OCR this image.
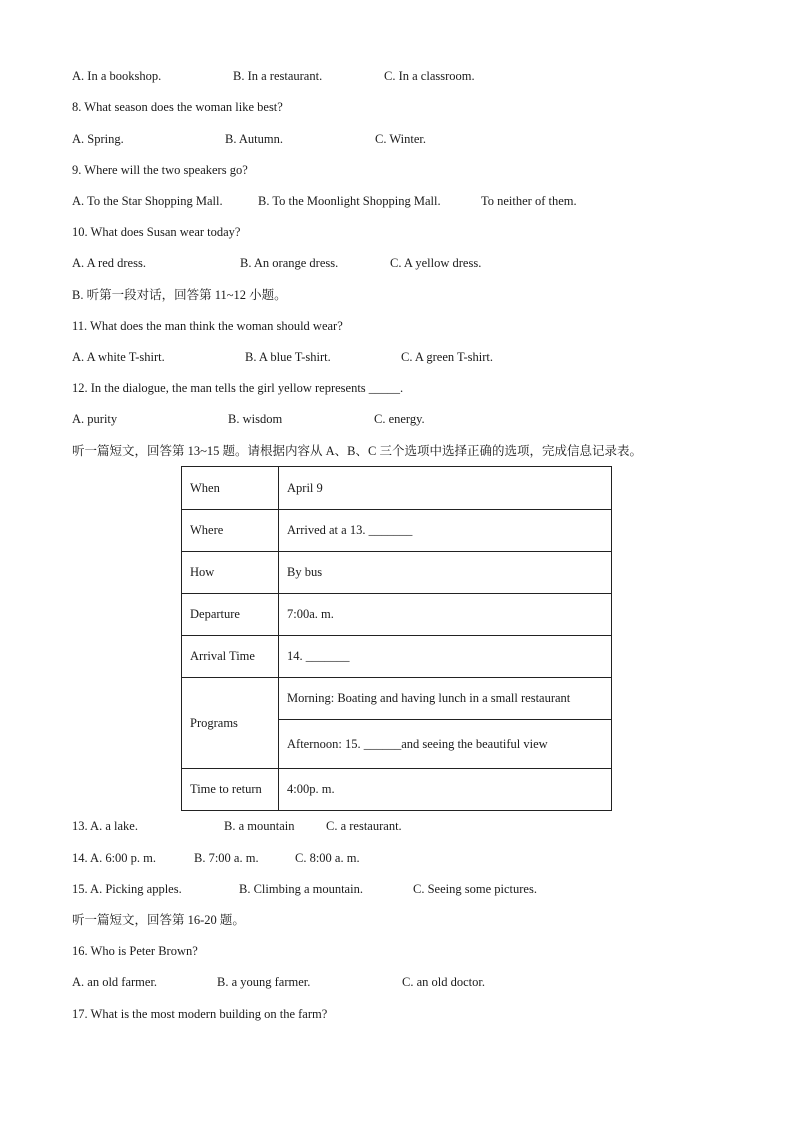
A. In a bookshop.	B. In a restaurant.	C. In a classroom.
8. What season does the woman like best?
A. Spring.	B. Autumn.	C. Winter.
9. Where will the two speakers go?
A. To the Star Shopping Mall.	B. To the Moonlight Shopping Mall.	To neither of them.
10. What does Susan wear today?
A. A red dress.	B. An orange dress.	C. A yellow dress.
B. 听第一段对话，回答第 11~12 小题。
11. What does the man think the woman should wear?
A. A white T-shirt.	B. A blue T-shirt.	C. A green T-shirt.
12. In the dialogue, the man tells the girl yellow represents _____.
A. purity	B. wisdom	C. energy.
听一篇短文，回答第 13~15 题。请根据内容从 A、B、C 三个选项中选择正确的选项，完成信息记录表。
When	April 9
Where	Arrived at a 13. _______
How	By bus
Departure	7:00a. m.
Arrival Time	14. _______
Programs	Morning: Boating and having lunch in a small restaurant
	Afternoon: 15. ______and seeing the beautiful view
Time to return	4:00p. m.
13. A. a lake.	B. a mountain	C. a restaurant.
14. A. 6:00 p. m.	B. 7:00 a. m.	C. 8:00 a. m.
15. A. Picking apples.	B. Climbing a mountain.	C. Seeing some pictures.
听一篇短文，回答第 16-20 题。
16. Who is Peter Brown?
A. an old farmer.	B. a young farmer.	C. an old doctor.
17. What is the most modern building on the farm?
